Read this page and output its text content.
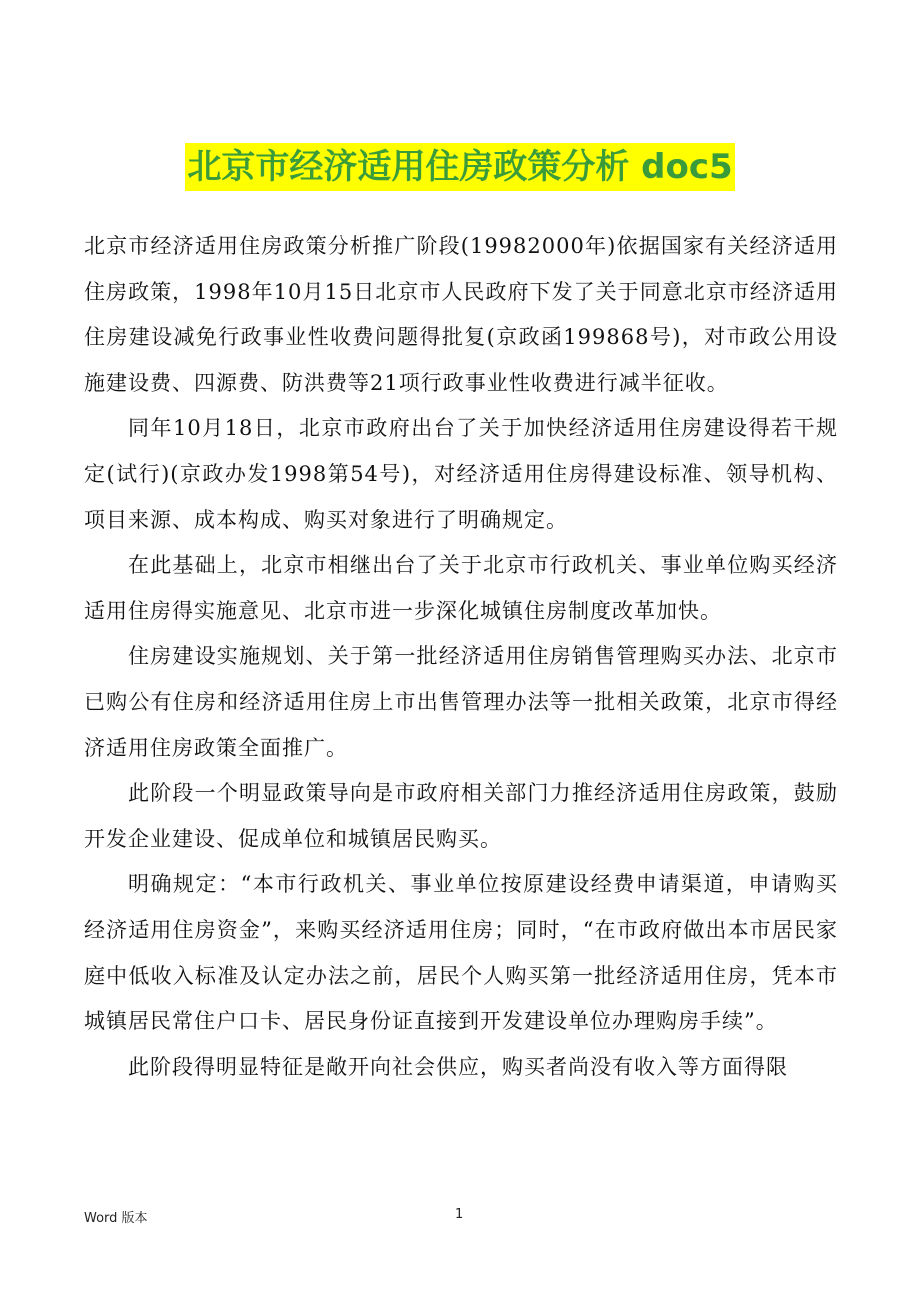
北京市经济适用住房政策分析 doc5

北京市经济适用住房政策分析推广阶段(19982000年)依据国家有关经济适用住房政策，1998年10月15日北京市人民政府下发了关于同意北京市经济适用住房建设减免行政事业性收费问题得批复(京政函199868号)，对市政公用设施建设费、四源费、防洪费等21项行政事业性收费进行减半征收。

同年10月18日，北京市政府出台了关于加快经济适用住房建设得若干规定(试行)(京政办发1998第54号)，对经济适用住房得建设标准、领导机构、项目来源、成本构成、购买对象进行了明确规定。

在此基础上，北京市相继出台了关于北京市行政机关、事业单位购买经济适用住房得实施意见、北京市进一步深化城镇住房制度改革加快。

住房建设实施规划、关于第一批经济适用住房销售管理购买办法、北京市已购公有住房和经济适用住房上市出售管理办法等一批相关政策，北京市得经济适用住房政策全面推广。

此阶段一个明显政策导向是市政府相关部门力推经济适用住房政策，鼓励开发企业建设、促成单位和城镇居民购买。

明确规定：“本市行政机关、事业单位按原建设经费申请渠道，申请购买经济适用住房资金”，来购买经济适用住房；同时，“在市政府做出本市居民家庭中低收入标准及认定办法之前，居民个人购买第一批经济适用住房，凭本市城镇居民常住户口卡、居民身份证直接到开发建设单位办理购房手续”。

此阶段得明显特征是敞开向社会供应，购买者尚没有收入等方面得限

Word 版本	1
